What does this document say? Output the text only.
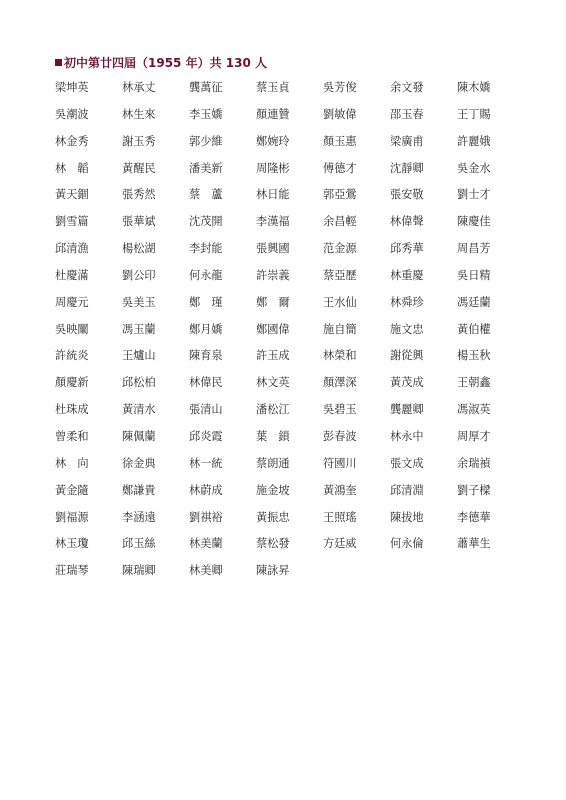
初中第廿四屆（1955 年）共 130 人
梁坤英	林承丈	龔萬征	蔡玉貞	吳芳俊	余文發	陳木嬌
吳潮波	林生來	李玉嬌	顏連贊	劉敏偉	邵玉春	王丁賜
林金秀	謝玉秀	郭少維	鄭婉玲	顏玉惠	梁廣甫	許麗娥
林　韜	黃醒民	潘美新	周隆彬	傅德才	沈靜卿	吳金水
黃天錮	張秀然	蔡　蘆	林日能	郭亞鶯	張安敬	劉士才
劉雪篇	張華斌	沈茂開	李漢福	余昌輕	林偉聲	陳慶佳
邱清漁	楊松湖	李封能	張興國	范金源	邱秀華	周昌芳
杜慶滿	劉公印	何永龍	許崇義	蔡亞歷	林重慶	吳日精
周慶元	吳美玉	鄭　瑾	鄭　爾	王水仙	林舜珍	馮廷蘭
吳映闡	馮玉蘭	鄭月嬌	鄭國偉	施自簡	施文忠	黃伯權
許統炎	王爐山	陳育泉	許玉成	林榮和	謝從興	楊玉秋
顏慶新	邱松柏	林偉民	林文英	顏澤深	黃茂成	王朝鑫
杜珠成	黃清水	張清山	潘松江	吳碧玉	龔麗卿	馮淑英
曾柔和	陳佩蘭	邱炎霞	葉　鎖	彭春波	林永中	周厚才
林　向	徐金典	林一統	蔡朗通	符國川	張文成	余瑞禎
黃金隨	鄭謙貴	林蔚成	施金坡	黃鴻奎	邱清淵	劉子樑
劉福源	李涵遠	劉祺裕	黃振忠	王照瑤	陳拔地	李德華
林玉瓊	邱玉絲	林美蘭	蔡松發	方廷威	何永倫	蕭華生
莊瑞琴	陳瑞卿	林美卿	陳詠昇
